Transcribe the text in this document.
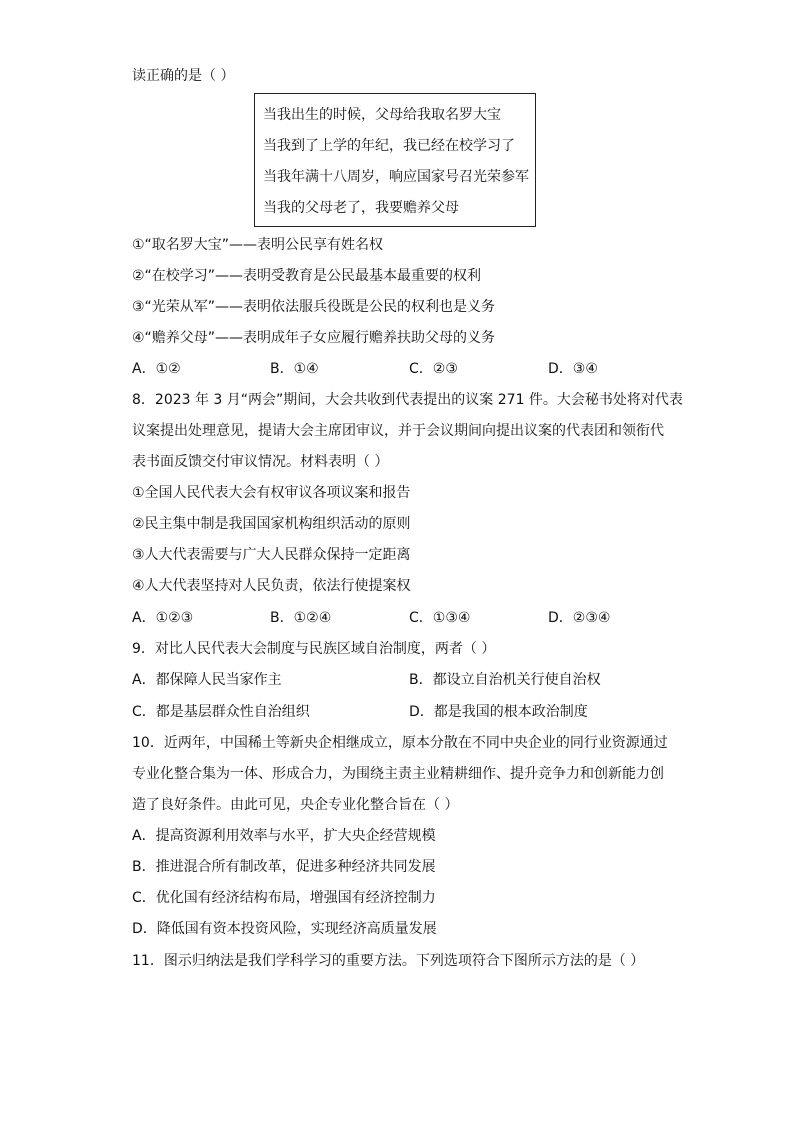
读正确的是（ ）
当我出生的时候，父母给我取名罗大宝
当我到了上学的年纪，我已经在校学习了
当我年满十八周岁，响应国家号召光荣参军
当我的父母老了，我要赡养父母
①“取名罗大宝”——表明公民享有姓名权
②“在校学习”——表明受教育是公民最基本最重要的权利
③“光荣从军”——表明依法服兵役既是公民的权利也是义务
④“赡养父母”——表明成年子女应履行赡养扶助父母的义务
A．①②	B．①④	C．②③	D．③④
8．2023 年 3 月“两会”期间，大会共收到代表提出的议案 271 件。大会秘书处将对代表
议案提出处理意见，提请大会主席团审议，并于会议期间向提出议案的代表团和领衔代
表书面反馈交付审议情况。材料表明（ ）
①全国人民代表大会有权审议各项议案和报告
②民主集中制是我国国家机构组织活动的原则
③人大代表需要与广大人民群众保持一定距离
④人大代表坚持对人民负责，依法行使提案权
A．①②③	B．①②④	C．①③④	D．②③④
9．对比人民代表大会制度与民族区域自治制度，两者（ ）
A．都保障人民当家作主	B．都设立自治机关行使自治权
C．都是基层群众性自治组织	D．都是我国的根本政治制度
10．近两年，中国稀土等新央企相继成立，原本分散在不同中央企业的同行业资源通过
专业化整合集为一体、形成合力，为围绕主责主业精耕细作、提升竞争力和创新能力创
造了良好条件。由此可见，央企专业化整合旨在（ ）
A．提高资源利用效率与水平，扩大央企经营规模
B．推进混合所有制改革，促进多种经济共同发展
C．优化国有经济结构布局，增强国有经济控制力
D．降低国有资本投资风险，实现经济高质量发展
11．图示归纳法是我们学科学习的重要方法。下列选项符合下图所示方法的是（ ）
